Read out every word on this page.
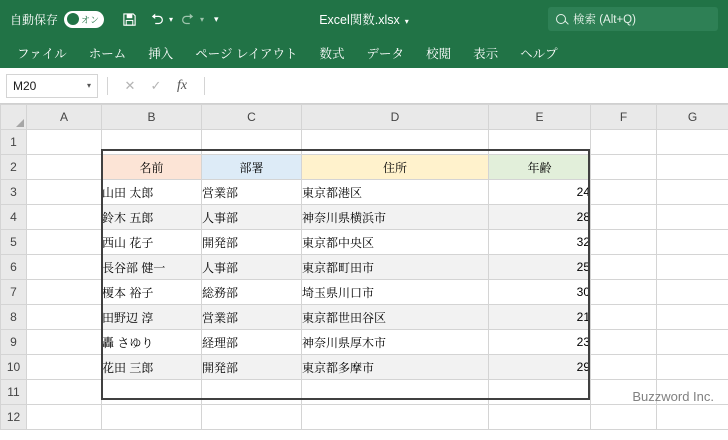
自動保存	オン	▾	▾ ▾	Excel関数.xlsx ▾	検索 (Alt+Q)
ファイル ホーム 挿入 ページ レイアウト 数式 データ 校閲 表示 ヘルプ
M20	▾	✕	✓	fx
	A	B	C	D	E	F	G
1							
2		名前	部署	住所	年齢		
3		山田 太郎	営業部	東京都港区	24		
4		鈴木 五郎	人事部	神奈川県横浜市	28		
5		西山 花子	開発部	東京都中央区	32		
6		長谷部 健一	人事部	東京都町田市	25		
7		榎本 裕子	総務部	埼玉県川口市	30		
8		田野辺 淳	営業部	東京都世田谷区	21		
9		轟 さゆり	経理部	神奈川県厚木市	23		
10		花田 三郎	開発部	東京都多摩市	29		
11							
12							
Buzzword Inc.
